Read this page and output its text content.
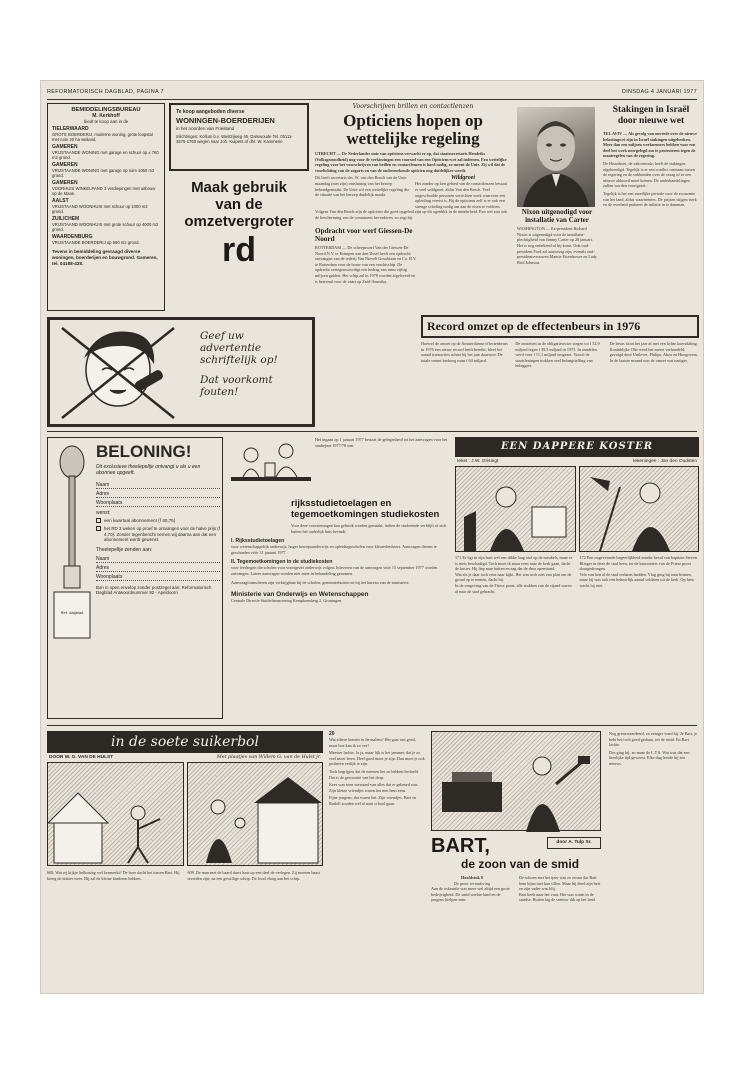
REFORMATORISCH DAGBLAD, PAGINA 7	DINSDAG 4 JANUARI 1977
BEMIDDELINGSBUREAU
M. Kerkhoff
biedt te koop aan in de
TIELERWAARD
GROTE BOERDERIJ, moderne woning, grote loopstal met ruim 20 ha weiland.
GAMEREN
VRIJSTAANDE WONING met garage en schuur op ± 760 m2 grond.
GAMEREN
VRIJSTAANDE WONING met garage op ruim 1050 m2 grond.
GAMEREN
VOORHUIS WINKELPAND 3 verdiepingen met uitbouw op de Maas.
AALST
VRIJSTAAND WOONHUIS met schuur op 1000 m2 grond.
ZUILICHEM
VRIJSTAAND WOONHUIS met grote schuur op 4000 m2 grond.
WAARDENBURG
VRIJSTAANDE BOERDERIJ op 660 m2 grond.
Tevens in bemiddeling gevraagd diverse woningen, boerderijen en bouwgrond. Gameren, tel. 04188-428.
Te koop aangeboden diverse
WONINGEN-BOERDERIJEN
in het noorden van Friesland
Inlichtingen: Kollum b.v. Westzijweg 46, Damwoude Tel. 05111-3575-1760 wegen naar Joh. Kuipers of dhr. W. Kammerie
Maak gebruik
van de
omzetvergroter
rd
Voorschrijven brillen en contactlenzen
Opticiens hopen op wettelijke regeling
UTRECHT — De Nederlandse unie van opticiens verwacht er op, dat staatssecretaris Hendriks (Volksgezondheid) nog voor de verkiezingen een voorstel van een Opticiens-wet zal indienen. Een wettelijke regeling voor het voorschrijven van brillen en contactlenzen is hard nodig, zo meent de Unie. Zij wil dat de voorlichting van de oogarts en van de onderzoekende opticien nog duidelijker wordt.
Dit heeft secretaris drs. W. van den Bosch van de Unie maandag (met zijn) ontsluiting van het beroep bekendgemaakt. De Unie wil een wettelijke regeling die de situatie van het beroep duidelijk maakt.
Wildgroei
Het zonder op hen gebied van de contactlenzen bestaat er veel wildgroei, aldus Van den Bosch. Veel ongeschoolde personen verrichten werk waarvoor een opleiding vereist is. Bij de opticiens zelf is er ook een strenge scholing nodig om aan de eisen te voldoen.
Volgens Van den Bosch zijn de opticiens die goed opgeleid zijn op dit ogenblik in de minderheid. Een wet zou ook de bescherming van de consument bevorderen, zo zegt hij.
Opdracht voor werf Giessen-De Noord
ROTTERDAM — De scheepswerf Van der Giessen-De Noord N.V. te Krimpen aan den IJssel heeft een opdracht ontvangen van de rederij Van Nievelt Goudriaan en Co. B.V. te Rotterdam voor de bouw van een vrachtschip. De opdracht vertegenwoordigt een bedrag van ruim vijftig miljoen gulden. Het schip zal in 1978 worden afgeleverd en is bestemd voor de vaart op Zuid-Amerika.
Nixon uitgenodigd voor installatie van Carter
WASHINGTON — Ex-president Richard Nixon is uitgenodigd voor de installatie-plechtigheid van Jimmy Carter op 20 januari. Het is nog onbekend of hij komt. Ook oud-president Ford zal aanwezig zijn, evenals oud-presidentsvrouwen Mamie Eisenhower en Lady Bird Johnson.
Stakingen in Israël door nieuwe wet
TEL AVIV — Als gevolg van onvrede over de nieuwe belastingwet zijn in Israël stakingen uitgebroken. Meer dan een miljoen werknemers hebben voor een deel het werk neergelegd om te protesteren tegen de maatregelen van de regering.
De Histadroet, de vakcentrale, heeft de stakingen afgekondigd. Tegelijk is er een conflict ontstaan tussen de regering en de vakbonden over de vraag of er een nieuwe akkoord moet komen. De onderhandelingen zullen worden voortgezet.
Tegelijk is het een moeilijke periode voor de economie van het land, aldus waarnemers. De prijzen stijgen sterk en de overheid probeert de inflatie in te dammen.
Record omzet op de effectenbeurs in 1976
Hoewel de omzet op de Amsterdamse effectenbeurs in 1976 een nieuw record heeft bereikt, bleef het aantal transacties achter bij het jaar daarvoor. De totale omzet bedroeg ruim f 64 miljard.
De omzetten in de obligatiesector stegen tot f 52,9 miljard tegen f 39,5 miljard in 1975. In aandelen werd voor f 11,1 miljard omgezet. Vooral de staatsleningen trokken veel belangstelling van beleggers.
De beurs sloot het jaar af met een lichte koersdaling. Koninklijke Olie werd het meest verhandeld, gevolgd door Unilever, Philips, Akzo en Hoogovens. In de laatste maand was de omzet wat rustiger.
Geef uw
advertentie
schriftelijk op!
Dat voorkomt
fouten!
Ref. dagblad
BELONING!
Dit exclusieve theelepeltje ontvangt u als u een abonnee opgeeft.
Naam
Adres
Woonplaats
wenst:
een kwartaal abonnement (f 40,75)
het RD 3 weken op proef te ontvangen voor de halve prijs (f 4,70). Zonder tegenbericht nemen wij daarna aan dat een abonnement wordt gewenst.
Theelepeltje zenden aan:
Naam
Adres
Woonplaats
Bon in open envelop zonder postzegel aan: Reformatorisch Dagblad Antwoordnummer 92 - Apeldoorn
Het ingaan op 1 januari 1977 bestaat de gelegenheid tot het aanvragen voor het studiejaar 1977/78 van:
rijksstudietoelagen en tegemoetkomingen studiekosten
Voor deze voorzieningen kan gebruik worden gemaakt, indien de studerende verblijft of zich buiten het ouderlijk huis bevindt.
I. Rijksstudietoelagen
voor wetenschappelijk onderwijs, hoger beroepsonderwijs en opleidingsscholen voor kleuterleidsters. Aanvragen dienen te geschieden vóór 31 januari 1977.
II. Tegemoetkomingen in de studiekosten
voor leerlingen die scholen voor voortgezet onderwijs volgen. Inleveren van de aanvragen vóór 15 september 1977 worden ontvangen. Latere aanvragen worden niet meer in behandeling genomen.
Aanvraagformulieren zijn verkrijgbaar bij de scholen, gemeentehuizen en bij het bureau van de ministerie.
Ministerie van Onderwijs en Wetenschappen
Centrale Directie Studiefinanciering Kempkensberg 2, Groningen
EEN DAPPERE KOSTER
tekst : J.W. Grisnigt	tekeningen : Jan den Oudsten
171 Er ligt in zijn huis wel een dikke laag stof op de meubels, maar er is niets beschadigd. Toch moet ik maar eens naar de kerk gaan, dacht de koster. Hij liep naar buiten en zag dat de deur openstond.
Wat als je daar toch eens naar kijkt. Het was toch niet van plan om de grond op te nemen, dacht hij.
In de omgeving van de Friese poort, alle stukken van de vijand waren al naar de stad gebracht.
172 Een ongeveinsde begeerlijkheid zonder beval van kapitein Steven Blinger in deze de stad heen, tot de kanonniers van de Friese poort doorgedrongen.
Vele van hen al de stad verlaten hadden. Vlug ging hij naar binnen, maar hij was ook een behoorlijk aantal soldaten uit de kerk. Op hem wacht hij niet.
in de soete suikerbol
DOOR W. G. VAN DE HULST	Met plaatjes van Willem G. van de Hulst jr.
608. Wat zij kijkje liefkozing wel kenmerkt? De boer dacht het tussen Bart. Hij kreeg de dokter weer. Hij zal de kleine kinderen hebben.
609. De man met de baard duwt haar op een deel de verlegen. Zij moeten haast tevreden zijn; na een gewillige schop. De Jood vloog aan het schip.
20
Wat ziltere komen in Jerusalem? Het gaat ons goed, maar hoe kan ik zo ver?
Meester lachte. Ja ja, maar lijk is het jammer, dat je zo veel moet leren. Heel goed moet je zijn. Dan moet je ook proberen eerlijk te zijn.
Toch begrijpen dat de mensen het zo hebben bedoeld. Dat is de gewoonte van het dorp.
Kees was toen verzuurd van alles dat er gebeurd was. Zijn kleine vriendjes waren het met hem eens.
Fijne jongens, dat waren het. Zijn vriendjes. Bart en Rudolf zouden wel al naar school gaan.
BART,
de zoon van de smid
door A. Tulp Sr.
Hoofdstuk 8
De grote verandering
Aan de oskeurtle was meer wel altijd een grote bedrijvigheid. De smid werkte hard en de jongens hielpen mee.
De schoen met het ijzer was zo zwaar dat Bart hem bijna niet kon tillen. Maar hij deed zijn best en zijn vader was blij.
Bart keek naar het vuur. Het was warm in de smidse. Buiten lag de sneeuw dik op het land.
Nog grenswaardeerd, zo zeniger vond hij. Je Bart, je hebt het toch goed gedaan, zei de smid. En Bart lachte.
Des ging hij, zo maar de L.T.S. Wat was dat een heerlijke tijd geweest. Elke dag leerde hij iets nieuws.
